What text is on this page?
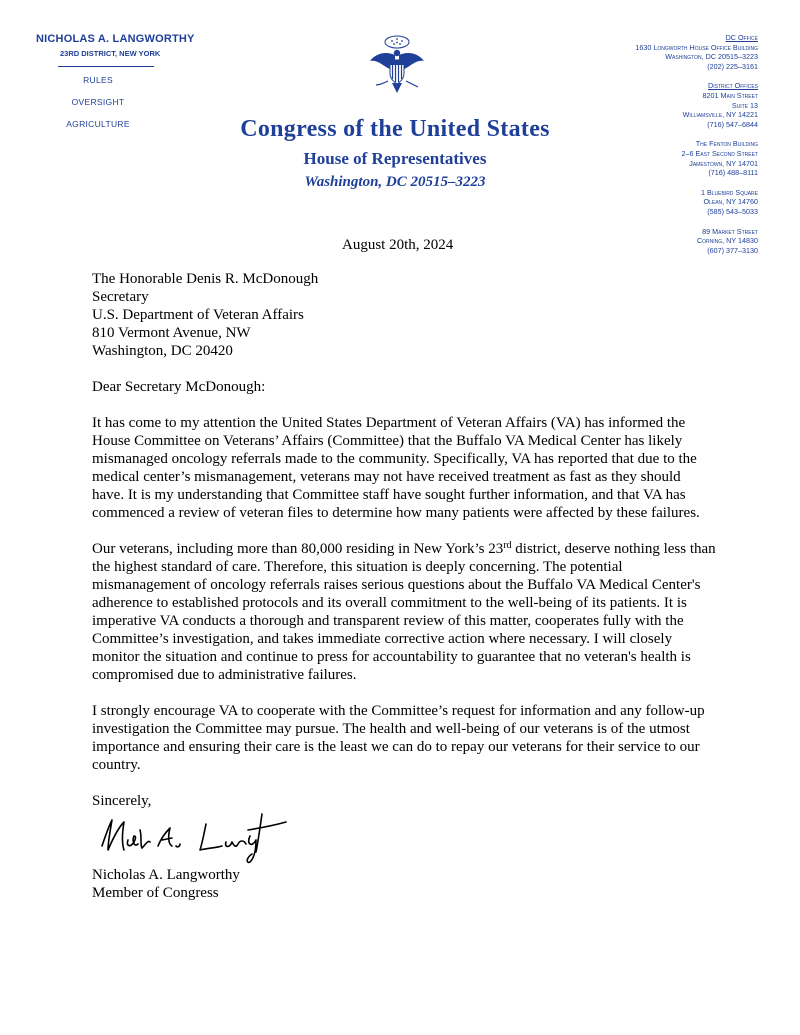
NICHOLAS A. LANGWORTHY
23RD DISTRICT, NEW YORK
RULES
OVERSIGHT
AGRICULTURE	Congress of the United States
House of Representatives
Washington, DC 20515–3223
DC Office
1630 Longworth House Office Building
Washington, DC 20515–3223
(202) 225–3161
District Offices
8201 Main Street
Suite 13
Williamsville, NY 14221
(716) 547–6844
The Fenton Building
2–6 East Second Street
Jamestown, NY 14701
(716) 488–8111
1 Bluebird Square
Olean, NY 14760
(585) 543–5033
89 Market Street
Corning, NY 14830
(607) 377–3130
August 20th, 2024

The Honorable Denis R. McDonough
Secretary
U.S. Department of Veteran Affairs
810 Vermont Avenue, NW
Washington, DC 20420

Dear Secretary McDonough:

It has come to my attention the United States Department of Veteran Affairs (VA) has informed the House Committee on Veterans’ Affairs (Committee) that the Buffalo VA Medical Center has likely mismanaged oncology referrals made to the community. Specifically, VA has reported that due to the medical center’s mismanagement, veterans may not have received treatment as fast as they should have. It is my understanding that Committee staff have sought further information, and that VA has commenced a review of veteran files to determine how many patients were affected by these failures.

Our veterans, including more than 80,000 residing in New York’s 23rd district, deserve nothing less than the highest standard of care. Therefore, this situation is deeply concerning. The potential mismanagement of oncology referrals raises serious questions about the Buffalo VA Medical Center's adherence to established protocols and its overall commitment to the well-being of its patients. It is imperative VA conducts a thorough and transparent review of this matter, cooperates fully with the Committee’s investigation, and takes immediate corrective action where necessary. I will closely monitor the situation and continue to press for accountability to guarantee that no veteran's health is compromised due to administrative failures.

I strongly encourage VA to cooperate with the Committee’s request for information and any follow-up investigation the Committee may pursue. The health and well-being of our veterans is of the utmost importance and ensuring their care is the least we can do to repay our veterans for their service to our country.

Sincerely,

Nicholas A. Langworthy

Member of Congress
